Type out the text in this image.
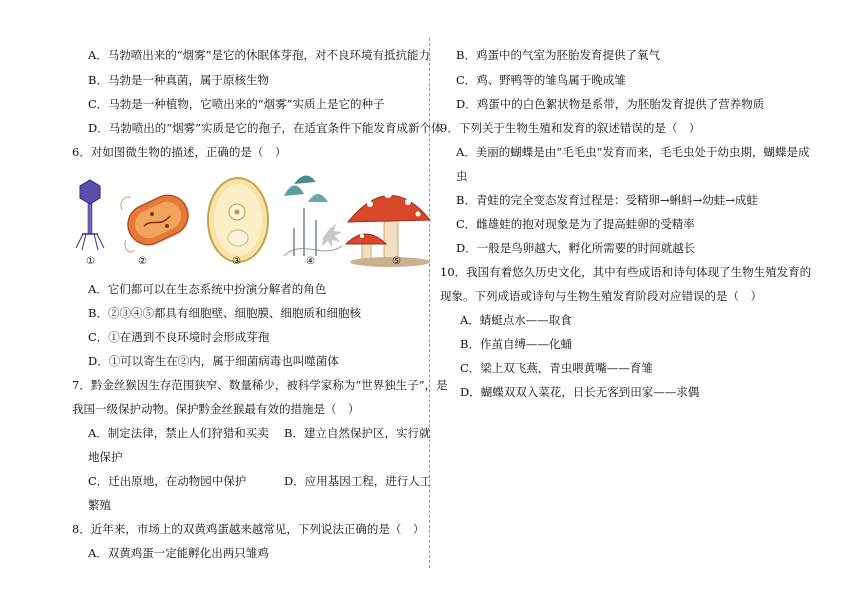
A．马勃喷出来的“烟雾”是它的休眠体芽孢，对不良环境有抵抗能力
B．马勃是一种真菌，属于原核生物
C．马勃是一种植物，它喷出来的“烟雾”实质上是它的种子
D．马勃喷出的“烟雾”实质是它的孢子，在适宜条件下能发育成新个体
6．对如图微生物的描述，正确的是（　）
①	②	③	④	⑤
A．它们都可以在生态系统中扮演分解者的角色
B．②③④⑤都具有细胞壁、细胞膜、细胞质和细胞核
C．①在遇到不良环境时会形成芽孢
D．①可以寄生在②内，属于细菌病毒也叫噬菌体
7．黔金丝猴因生存范围狭窄、数量稀少，被科学家称为“世界独生子”，是
我国一级保护动物。保护黔金丝猴最有效的措施是（　）
A．制定法律，禁止人们狩猎和买卖 B．建立自然保护区，实行就
地保护
C．迁出原地，在动物园中保护	D．应用基因工程，进行人工
繁殖
8．近年来，市场上的双黄鸡蛋越来越常见，下列说法正确的是（　）
A．双黄鸡蛋一定能孵化出两只雏鸡
B．鸡蛋中的气室为胚胎发育提供了氧气
C．鸡、野鸭等的雏鸟属于晚成雏
D．鸡蛋中的白色絮状物是系带，为胚胎发育提供了营养物质
9．下列关于生物生殖和发育的叙述错误的是（　）
A．美丽的蝴蝶是由“毛毛虫”发育而来，毛毛虫处于幼虫期，蝴蝶是成
虫
B．青蛙的完全变态发育过程是：受精卵→蝌蚪→幼蛙→成蛙
C．雌雄蛙的抱对现象是为了提高蛙卵的受精率
D．一般是鸟卵越大，孵化所需要的时间就越长
10．我国有着悠久历史文化，其中有些成语和诗句体现了生物生殖发育的
现象。下列成语或诗句与生物生殖发育阶段对应错误的是（　）
A．蜻蜓点水——取食
B．作茧自缚——化蛹
C．梁上双飞燕，青虫喂黄嘴——育雏
D．蝴蝶双双入菜花，日长无客到田家——求偶
